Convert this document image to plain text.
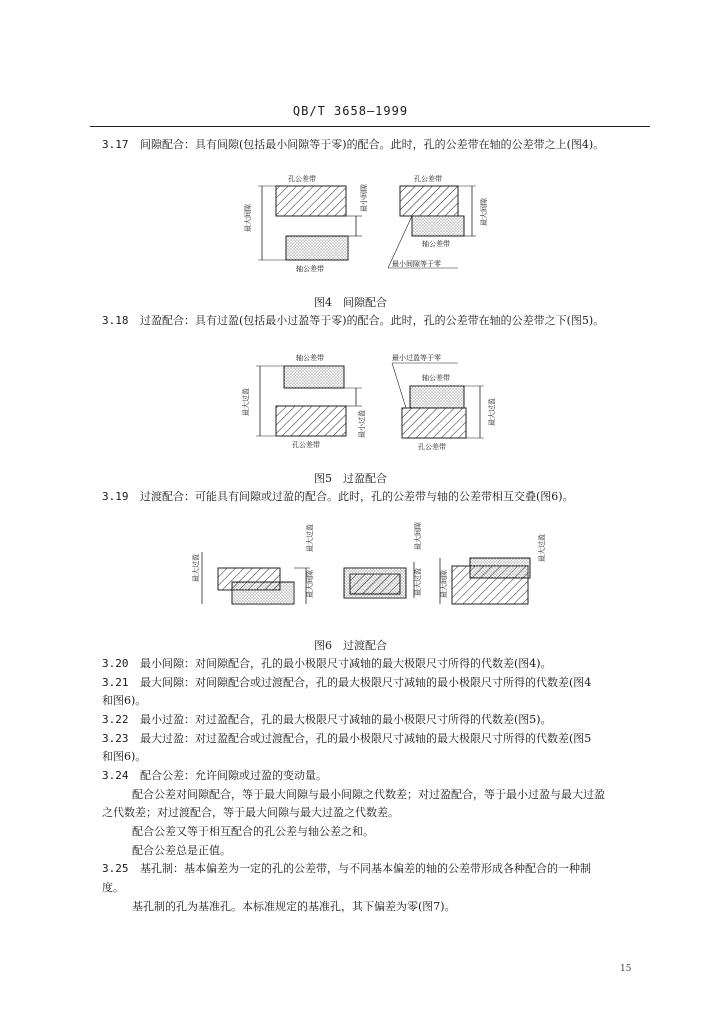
QB/T 3658—1999
3.17 间隙配合：具有间隙(包括最小间隙等于零)的配合。此时，孔的公差带在轴的公差带之上(图4)。
孔公差带
轴公差带
最大间隙
最小间隙
孔公差带
轴公差带
最大间隙
最小间隙等于零
图4　间隙配合
3.18 过盈配合：具有过盈(包括最小过盈等于零)的配合。此时，孔的公差带在轴的公差带之下(图5)。
轴公差带
孔公差带
最大过盈
最小过盈
轴公差带
孔公差带
最小过盈等于零
最大过盈
图5　过盈配合
3.19 过渡配合：可能具有间隙或过盈的配合。此时，孔的公差带与轴的公差带相互交叠(图6)。
最大过盈
最大间隙
最大过盈	最大间隙
最大过盈	最大间隙
最大过盈
图6　过渡配合
3.20 最小间隙：对间隙配合，孔的最小极限尺寸减轴的最大极限尺寸所得的代数差(图4)。
3.21 最大间隙：对间隙配合或过渡配合，孔的最大极限尺寸减轴的最小极限尺寸所得的代数差(图4
和图6)。
3.22 最小过盈：对过盈配合，孔的最大极限尺寸减轴的最小极限尺寸所得的代数差(图5)。
3.23 最大过盈：对过盈配合或过渡配合，孔的最小极限尺寸减轴的最大极限尺寸所得的代数差(图5
和图6)。
3.24 配合公差：允许间隙或过盈的变动量。
配合公差对间隙配合，等于最大间隙与最小间隙之代数差；对过盈配合，等于最小过盈与最大过盈
之代数差；对过渡配合，等于最大间隙与最大过盈之代数差。
配合公差又等于相互配合的孔公差与轴公差之和。
配合公差总是正值。
3.25 基孔制：基本偏差为一定的孔的公差带，与不同基本偏差的轴的公差带形成各种配合的一种制
度。
基孔制的孔为基准孔。本标准规定的基准孔，其下偏差为零(图7)。
15
